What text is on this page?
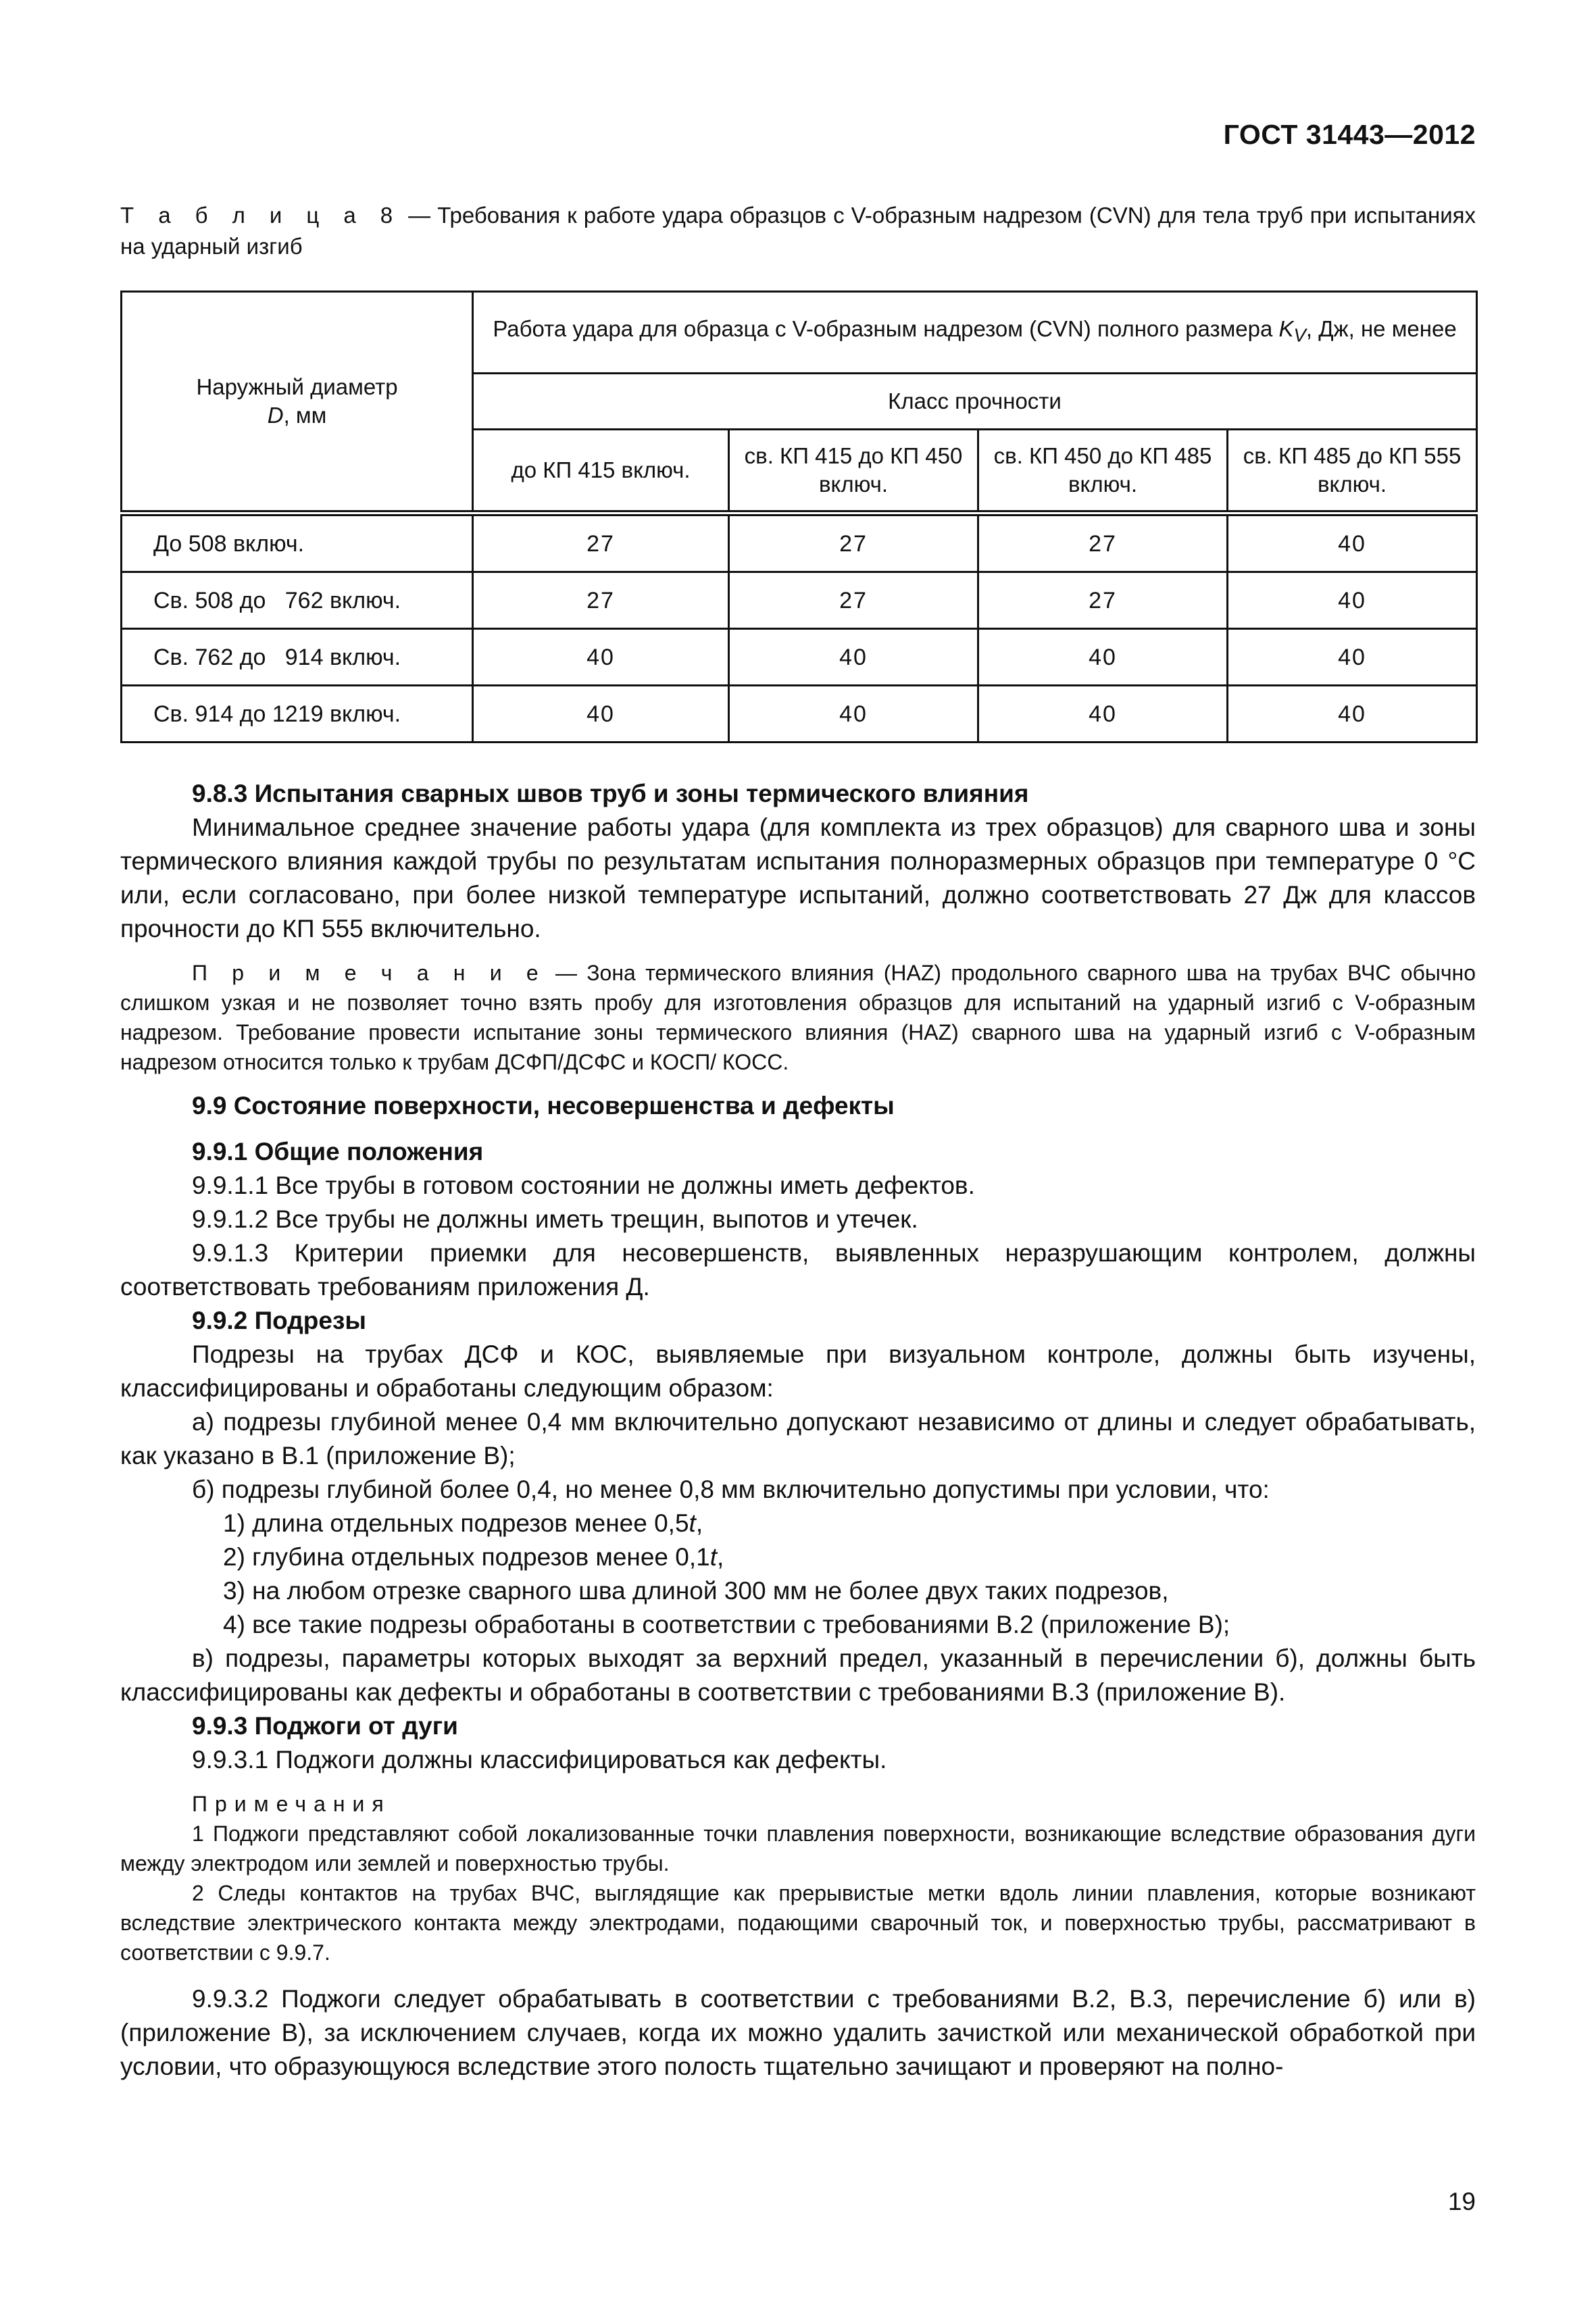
ГОСТ 31443—2012
Т а б л и ц а 8 — Требования к работе удара образцов с V-образным надрезом (CVN) для тела труб при испытаниях на ударный изгиб
Наружный диаметр
D, мм	Работа удара для образца с V-образным надрезом (CVN) полного размера $K_V$, Дж, не менее			
	Класс прочности			
	до КП 415 включ.	св. КП 415 до КП 450 включ.	св. КП 450 до КП 485 включ.	св. КП 485 до КП 555 включ.
До 508 включ.	27	27	27	40
Св. 508 до   762 включ.	27	27	27	40
Св. 762 до   914 включ.	40	40	40	40
Св. 914 до 1219 включ.	40	40	40	40
9.8.3 Испытания сварных швов труб и зоны термического влияния
Минимальное среднее значение работы удара (для комплекта из трех образцов) для сварного шва и зоны термического влияния каждой трубы по результатам испытания полноразмерных образцов при температуре 0 °С или, если согласовано, при более низкой температуре испытаний, должно соответствовать 27 Дж для классов прочности до КП 555 включительно.
П р и м е ч а н и е — Зона термического влияния (HAZ) продольного сварного шва на трубах ВЧС обычно слишком узкая и не позволяет точно взять пробу для изготовления образцов для испытаний на ударный изгиб с V-образным надрезом. Требование провести испытание зоны термического влияния (HAZ) сварного шва на ударный изгиб с V-образным надрезом относится только к трубам ДСФП/ДСФС и КОСП/ КОСС.
9.9 Состояние поверхности, несовершенства и дефекты
9.9.1 Общие положения
9.9.1.1 Все трубы в готовом состоянии не должны иметь дефектов.
9.9.1.2 Все трубы не должны иметь трещин, выпотов и утечек.
9.9.1.3 Критерии приемки для несовершенств, выявленных неразрушающим контролем, должны соответствовать требованиям приложения Д.
9.9.2 Подрезы
Подрезы на трубах ДСФ и КОС, выявляемые при визуальном контроле, должны быть изучены, классифицированы и обработаны следующим образом:
а) подрезы глубиной менее 0,4 мм включительно допускают независимо от длины и следует обрабатывать, как указано в В.1 (приложение В);
б) подрезы глубиной более 0,4, но менее 0,8 мм включительно допустимы при условии, что:
1) длина отдельных подрезов менее 0,5t,
2) глубина отдельных подрезов менее 0,1t,
3) на любом отрезке сварного шва длиной 300 мм не более двух таких подрезов,
4) все такие подрезы обработаны в соответствии с требованиями В.2 (приложение В);
в) подрезы, параметры которых выходят за верхний предел, указанный в перечислении б), должны быть классифицированы как дефекты и обработаны в соответствии с требованиями В.3 (приложение В).
9.9.3 Поджоги от дуги
9.9.3.1 Поджоги должны классифицироваться как дефекты.
Примечания
1 Поджоги представляют собой локализованные точки плавления поверхности, возникающие вследствие образования дуги между электродом или землей и поверхностью трубы.
2 Следы контактов на трубах ВЧС, выглядящие как прерывистые метки вдоль линии плавления, которые возникают вследствие электрического контакта между электродами, подающими сварочный ток, и поверхностью трубы, рассматривают в соответствии с 9.9.7.
9.9.3.2 Поджоги следует обрабатывать в соответствии с требованиями В.2, В.3, перечисление б) или в) (приложение В), за исключением случаев, когда их можно удалить зачисткой или механической обработкой при условии, что образующуюся вследствие этого полость тщательно зачищают и проверяют на полно-
19
